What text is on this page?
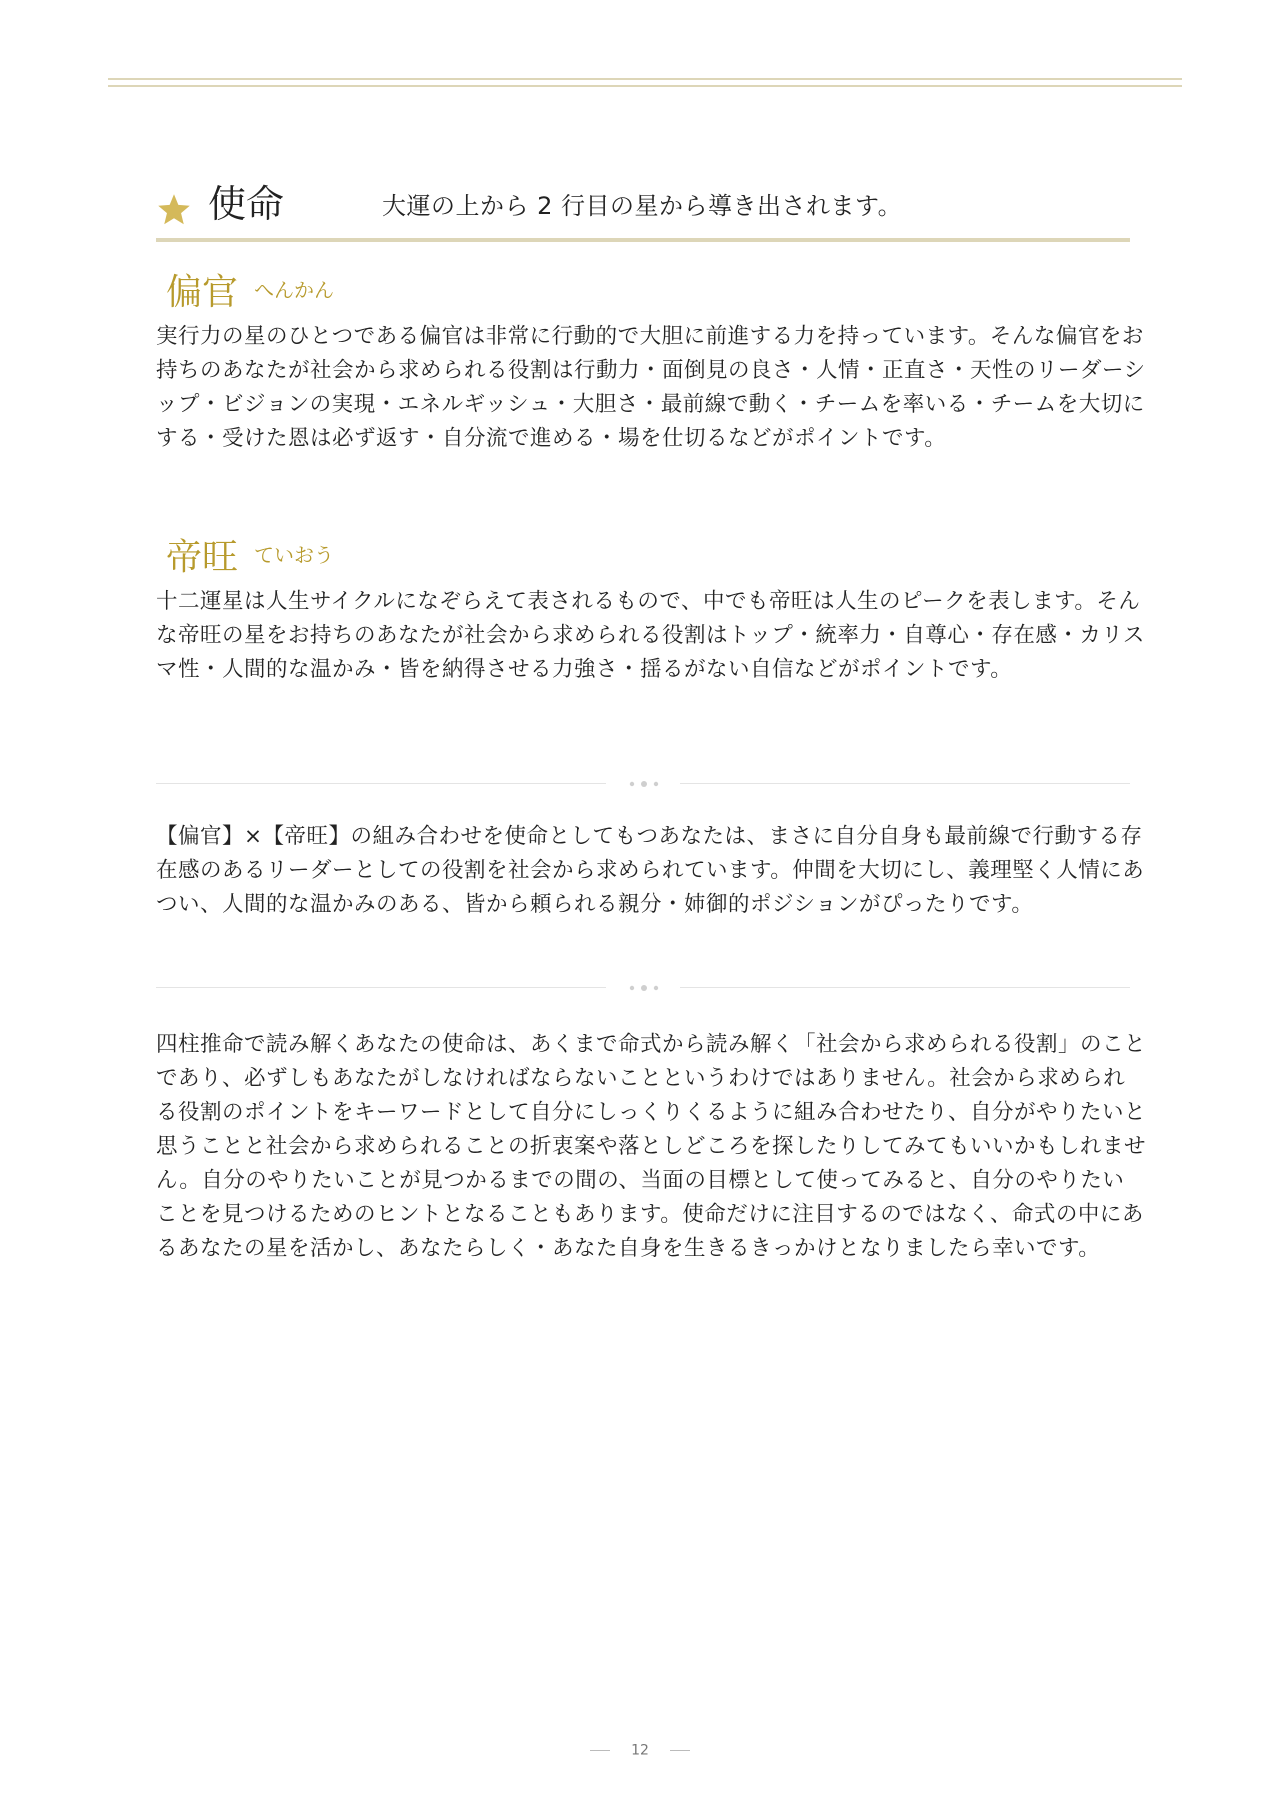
使命	大運の上から 2 行目の星から導き出されます。
偏官 へんかん

実行力の星のひとつである偏官は非常に行動的で大胆に前進する力を持っています。そんな偏官をお持ちのあなたが社会から求められる役割は行動力・面倒見の良さ・人情・正直さ・天性のリーダーシップ・ビジョンの実現・エネルギッシュ・大胆さ・最前線で動く・チームを率いる・チームを大切にする・受けた恩は必ず返す・自分流で進める・場を仕切るなどがポイントです。

帝旺 ていおう

十二運星は人生サイクルになぞらえて表されるもので、中でも帝旺は人生のピークを表します。そんな帝旺の星をお持ちのあなたが社会から求められる役割はトップ・統率力・自尊心・存在感・カリスマ性・人間的な温かみ・皆を納得させる力強さ・揺るがない自信などがポイントです。

【偏官】×【帝旺】の組み合わせを使命としてもつあなたは、まさに自分自身も最前線で行動する存在感のあるリーダーとしての役割を社会から求められています。仲間を大切にし、義理堅く人情にあつい、人間的な温かみのある、皆から頼られる親分・姉御的ポジションがぴったりです。

四柱推命で読み解くあなたの使命は、あくまで命式から読み解く「社会から求められる役割」のことであり、必ずしもあなたがしなければならないことというわけではありません。社会から求められる役割のポイントをキーワードとして自分にしっくりくるように組み合わせたり、自分がやりたいと思うことと社会から求められることの折衷案や落としどころを探したりしてみてもいいかもしれません。自分のやりたいことが見つかるまでの間の、当面の目標として使ってみると、自分のやりたいことを見つけるためのヒントとなることもあります。使命だけに注目するのではなく、命式の中にあるあなたの星を活かし、あなたらしく・あなた自身を生きるきっかけとなりましたら幸いです。

12
